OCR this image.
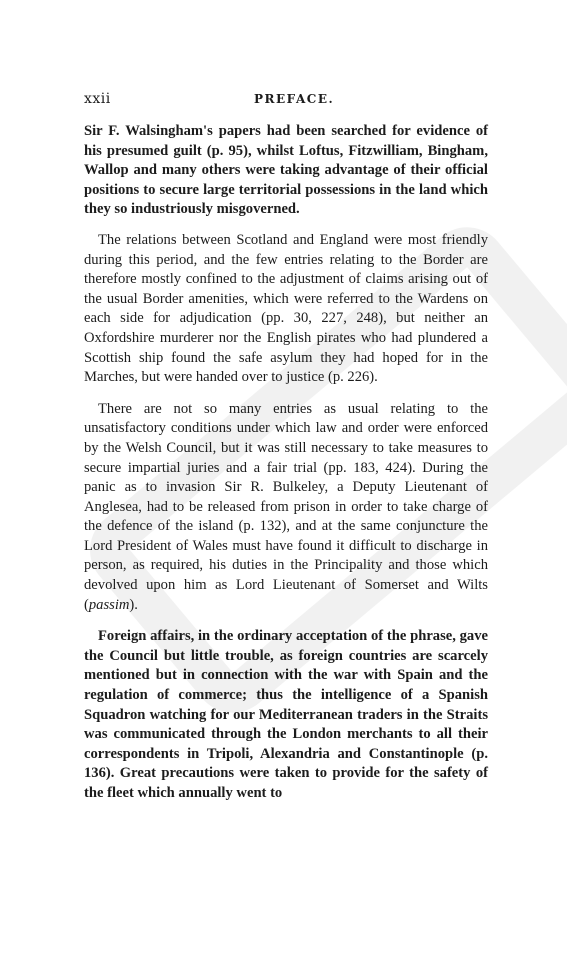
xxii	PREFACE.

Sir F. Walsingham's papers had been searched for evidence of his presumed guilt (p. 95), whilst Loftus, Fitzwilliam, Bingham, Wallop and many others were taking advantage of their official positions to secure large territorial possessions in the land which they so industriously misgoverned.

The relations between Scotland and England were most friendly during this period, and the few entries relating to the Border are therefore mostly confined to the adjustment of claims arising out of the usual Border amenities, which were referred to the Wardens on each side for adjudication (pp. 30, 227, 248), but neither an Oxfordshire murderer nor the English pirates who had plundered a Scottish ship found the safe asylum they had hoped for in the Marches, but were handed over to justice (p. 226).

There are not so many entries as usual relating to the unsatisfactory conditions under which law and order were enforced by the Welsh Council, but it was still necessary to take measures to secure impartial juries and a fair trial (pp. 183, 424). During the panic as to invasion Sir R. Bulkeley, a Deputy Lieutenant of Anglesea, had to be released from prison in order to take charge of the defence of the island (p. 132), and at the same conjuncture the Lord President of Wales must have found it difficult to discharge in person, as required, his duties in the Principality and those which devolved upon him as Lord Lieutenant of Somerset and Wilts (passim).

Foreign affairs, in the ordinary acceptation of the phrase, gave the Council but little trouble, as foreign countries are scarcely mentioned but in connection with the war with Spain and the regulation of commerce; thus the intelligence of a Spanish Squadron watching for our Mediterranean traders in the Straits was communicated through the London merchants to all their correspondents in Tripoli, Alexandria and Constantinople (p. 136). Great precautions were taken to provide for the safety of the fleet which annually went to
